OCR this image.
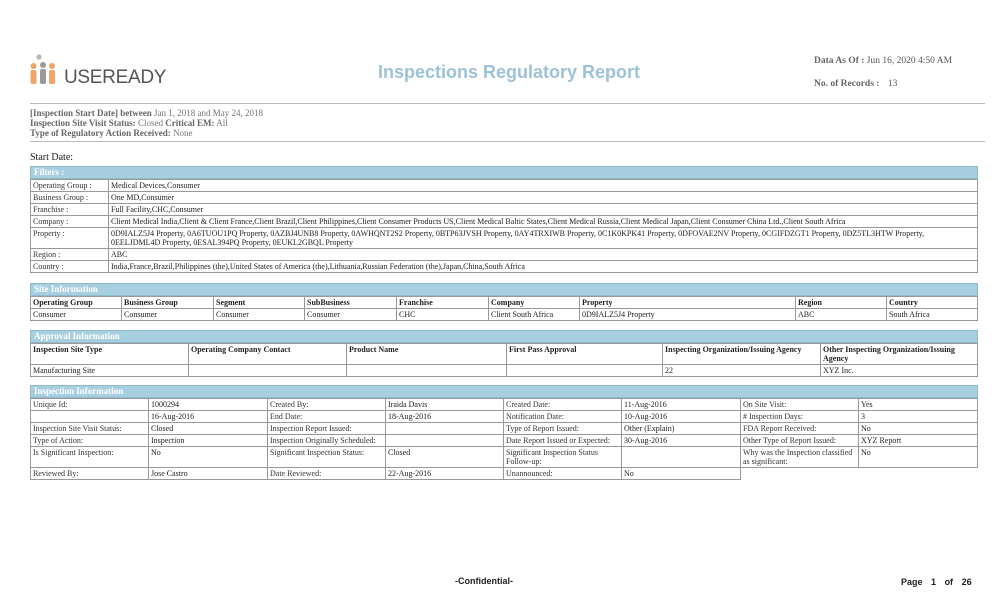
USEREADY	Inspections Regulatory Report
Data As Of : Jun 16, 2020 4:50 AM
No. of Records : 13
[Inspection Start Date] between Jan 1, 2018 and May 24, 2018
Inspection Site Visit Status: Closed Critical EM: All
Type of Regulatory Action Received: None
Start Date:
Filters :
Operating Group :	Medical Devices,Consumer
Business Group :	One MD,Consumer
Franchise :	Full Facility,CHC,Consumer
Company :	Client Medical India,Client & Client France,Client Brazil,Client Philippines,Client Consumer Products US,Client Medical Baltic States,Client Medical Russia,Client Medical Japan,Client Consumer China Ltd.,Client South Africa
Property :	0D9IALZ5J4 Property, 0A6TUOU1PQ Property, 0AZBJ4UNB8 Property, 0AWHQNT2S2 Property, 0BTP63JVSH Property, 0AY4TRXIWB Property, 0C1K0KPK41 Property, 0DFOVAE2NV Property, 0CGIFDZGT1 Property, 0DZ5TL3HTW Property, 0EELJDML4D Property, 0ESAL394PQ Property, 0EUKL2GBQL Property
Region :	ABC
Country :	India,France,Brazil,Philippines (the),United States of America (the),Lithuania,Russian Federation (the),Japan,China,South Africa
Site Information
Operating Group	Business Group	Segment	SubBusiness	Franchise	Company	Property	Region	Country
Consumer	Consumer	Consumer	Consumer	CHC	Client South Africa	0D9IALZ5J4 Property	ABC	South Africa
Approval Information
Inspection Site Type	Operating Company Contact	Product Name	First Pass Approval	Inspecting Organization/Issuing Agency	Other Inspecting Organization/Issuing Agency
Manufacturing Site				22	XYZ Inc.
Inspection Information
Unique Id:	1000294	Created By:	Iraida Davis	Created Date:	11-Aug-2016	On Site Visit:	Yes
	16-Aug-2016	End Date:	18-Aug-2016	Notification Date:	10-Aug-2016	# Inspection Days:	3
Inspection Site Visit Status:	Closed	Inspection Report Issued:		Type of Report Issued:	Other (Explain)	FDA Report Received:	No
Type of Action:	Inspection	Inspection Originally Scheduled:		Date Report Issued or Expected:	30-Aug-2016	Other Type of Report Issued:	XYZ Report
Is Significant Inspection:	No	Significant Inspection Status:	Closed	Significant Inspection Status Follow-up:		Why was the Inspection classified as significant:	No
Reviewed By:	Jose Castro	Date Reviewed:	22-Aug-2016	Unannounced:	No		
-Confidential-	Page 1 of 26
